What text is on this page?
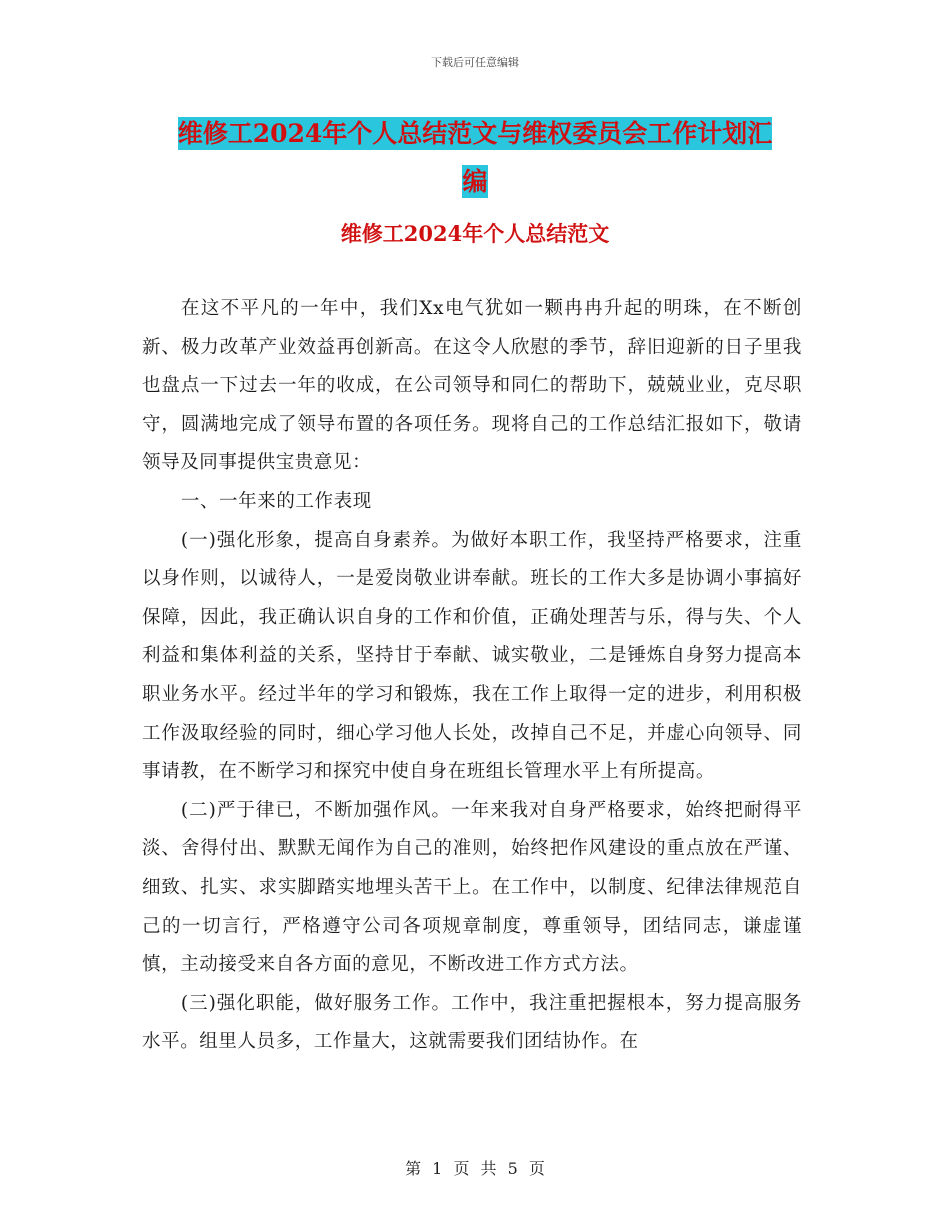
下载后可任意编辑
维修工2024年个人总结范文与维权委员会工作计划汇
编
维修工2024年个人总结范文

在这不平凡的一年中，我们Xx电气犹如一颗冉冉升起的明珠，在不断创新、极力改革产业效益再创新高。在这令人欣慰的季节，辞旧迎新的日子里我也盘点一下过去一年的收成，在公司领导和同仁的帮助下，兢兢业业，克尽职守，圆满地完成了领导布置的各项任务。现将自己的工作总结汇报如下，敬请领导及同事提供宝贵意见：

一、一年来的工作表现

(一)强化形象，提高自身素养。为做好本职工作，我坚持严格要求，注重以身作则，以诚待人，一是爱岗敬业讲奉献。班长的工作大多是协调小事搞好保障，因此，我正确认识自身的工作和价值，正确处理苦与乐，得与失、个人利益和集体利益的关系，坚持甘于奉献、诚实敬业，二是锤炼自身努力提高本职业务水平。经过半年的学习和锻炼，我在工作上取得一定的进步，利用积极工作汲取经验的同时，细心学习他人长处，改掉自己不足，并虚心向领导、同事请教，在不断学习和探究中使自身在班组长管理水平上有所提高。

(二)严于律已，不断加强作风。一年来我对自身严格要求，始终把耐得平淡、舍得付出、默默无闻作为自己的准则，始终把作风建设的重点放在严谨、细致、扎实、求实脚踏实地埋头苦干上。在工作中，以制度、纪律法律规范自己的一切言行，严格遵守公司各项规章制度，尊重领导，团结同志，谦虚谨慎，主动接受来自各方面的意见，不断改进工作方式方法。

(三)强化职能，做好服务工作。工作中，我注重把握根本，努力提高服务水平。组里人员多，工作量大，这就需要我们团结协作。在

第 1 页 共 5 页
